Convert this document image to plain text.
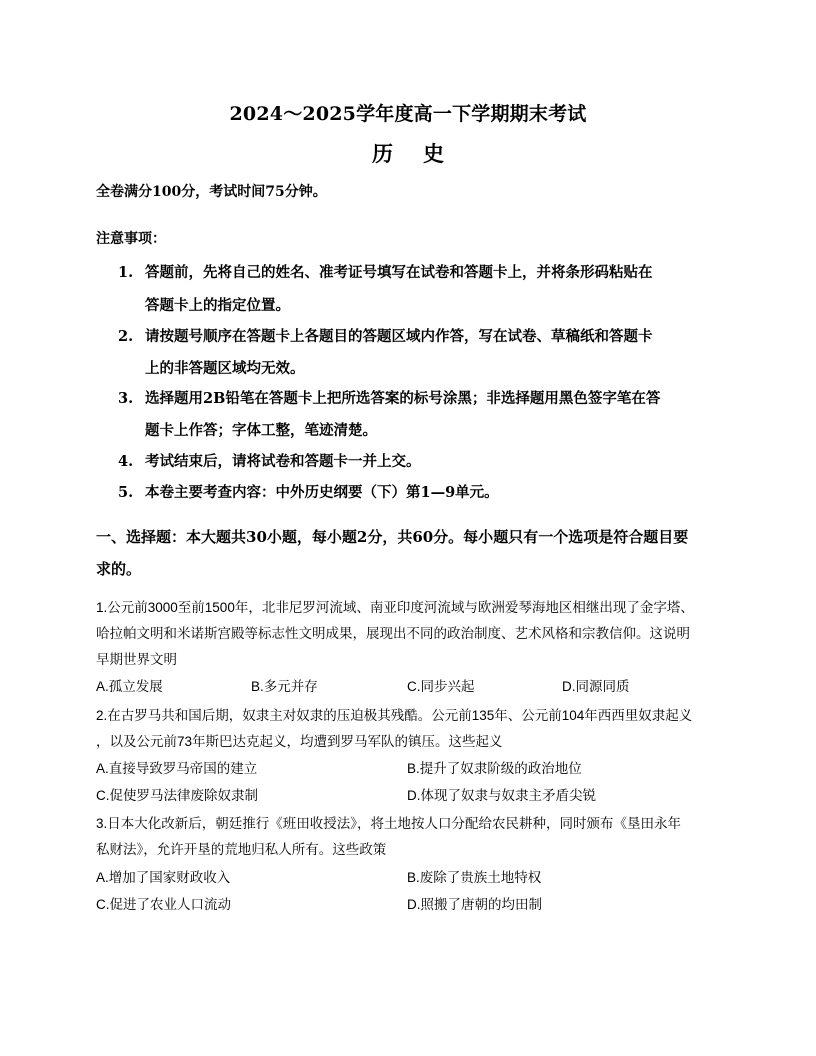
2024～2025学年度高一下学期期末考试
历史
全卷满分100分，考试时间75分钟。
注意事项：
1. 答题前，先将自己的姓名、准考证号填写在试卷和答题卡上，并将条形码粘贴在
答题卡上的指定位置。
2. 请按题号顺序在答题卡上各题目的答题区域内作答，写在试卷、草稿纸和答题卡
上的非答题区域均无效。
3. 选择题用2B铅笔在答题卡上把所选答案的标号涂黑；非选择题用黑色签字笔在答
题卡上作答；字体工整，笔迹清楚。
4. 考试结束后，请将试卷和答题卡一并上交。
5. 本卷主要考查内容：中外历史纲要（下）第1—9单元。
一、选择题：本大题共30小题，每小题2分，共60分。每小题只有一个选项是符合题目要
求的。
1.公元前3000至前1500年，北非尼罗河流域、南亚印度河流域与欧洲爱琴海地区相继出现了金字塔、
哈拉帕文明和米诺斯宫殿等标志性文明成果，展现出不同的政治制度、艺术风格和宗教信仰。这说明
早期世界文明
A.孤立发展	B.多元并存	C.同步兴起	D.同源同质
2.在古罗马共和国后期，奴隶主对奴隶的压迫极其残酷。公元前135年、公元前104年西西里奴隶起义
，以及公元前73年斯巴达克起义，均遭到罗马军队的镇压。这些起义
A.直接导致罗马帝国的建立	B.提升了奴隶阶级的政治地位
C.促使罗马法律废除奴隶制	D.体现了奴隶与奴隶主矛盾尖锐
3.日本大化改新后，朝廷推行《班田收授法》，将土地按人口分配给农民耕种，同时颁布《垦田永年
私财法》，允许开垦的荒地归私人所有。这些政策
A.增加了国家财政收入	B.废除了贵族土地特权
C.促进了农业人口流动	D.照搬了唐朝的均田制
